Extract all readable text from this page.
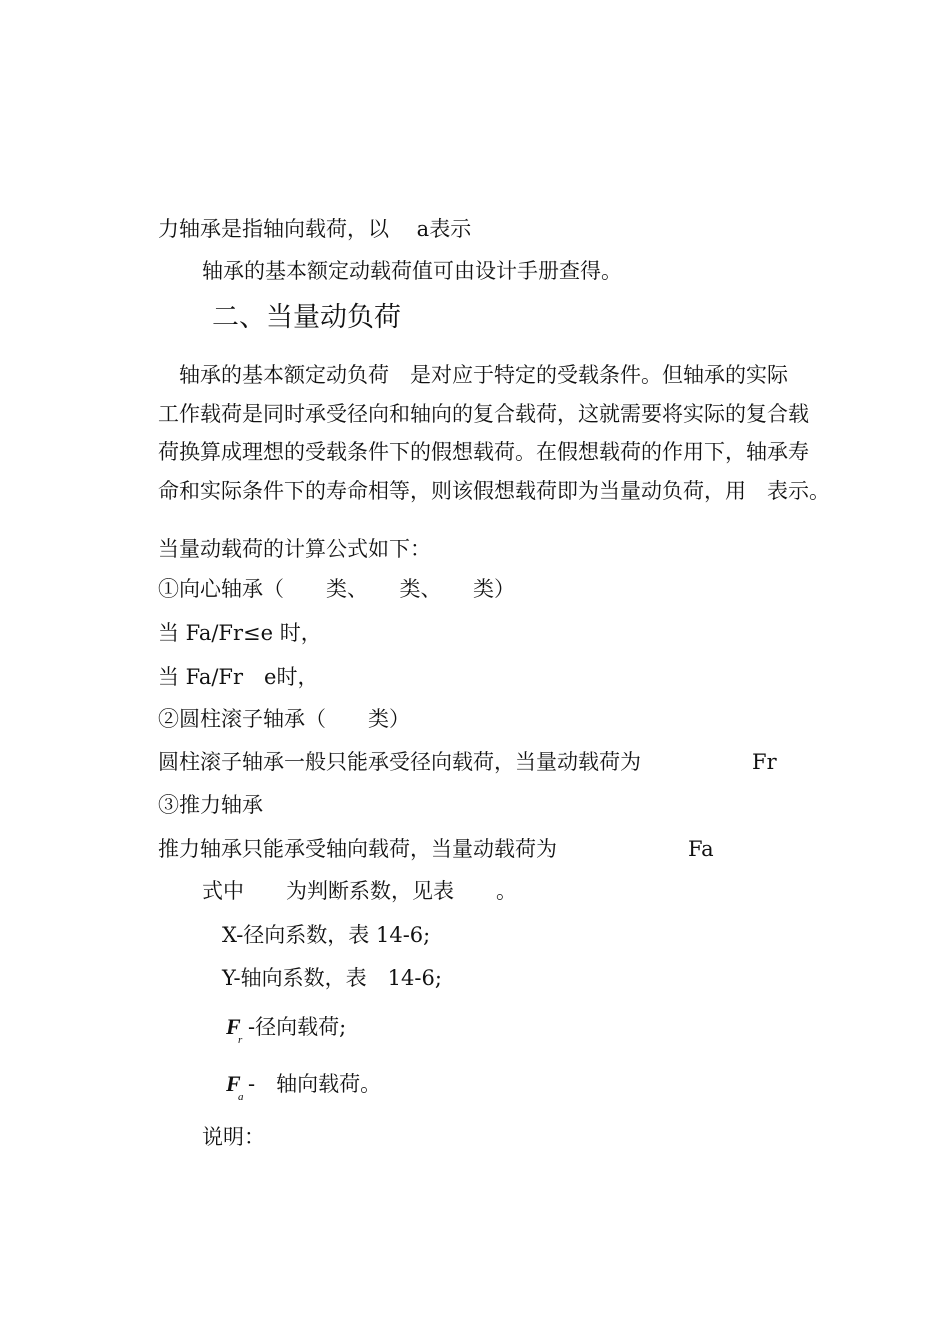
力轴承是指轴向载荷，以　 a表示
轴承的基本额定动载荷值可由设计手册查得。
二、当量动负荷
　轴承的基本额定动负荷　是对应于特定的受载条件。但轴承的实际
工作载荷是同时承受径向和轴向的复合载荷，这就需要将实际的复合载
荷换算成理想的受载条件下的假想载荷。在假想载荷的作用下，轴承寿
命和实际条件下的寿命相等，则该假想载荷即为当量动负荷，用　表示。
当量动载荷的计算公式如下：
①向心轴承（　　类、　　类、　　类）
当 Fa/Fr≤e 时，
当 Fa/Fr　e时，
②圆柱滚子轴承（　　类）
圆柱滚子轴承一般只能承受径向载荷，当量动载荷为	Fr
③推力轴承
推力轴承只能承受轴向载荷，当量动载荷为	Fa
式中　　为判断系数，见表　　。
X-径向系数，表 14-6;
Y-轴向系数，表　14-6;
F
r
-径向载荷;
F
a
-　轴向载荷。
说明：
